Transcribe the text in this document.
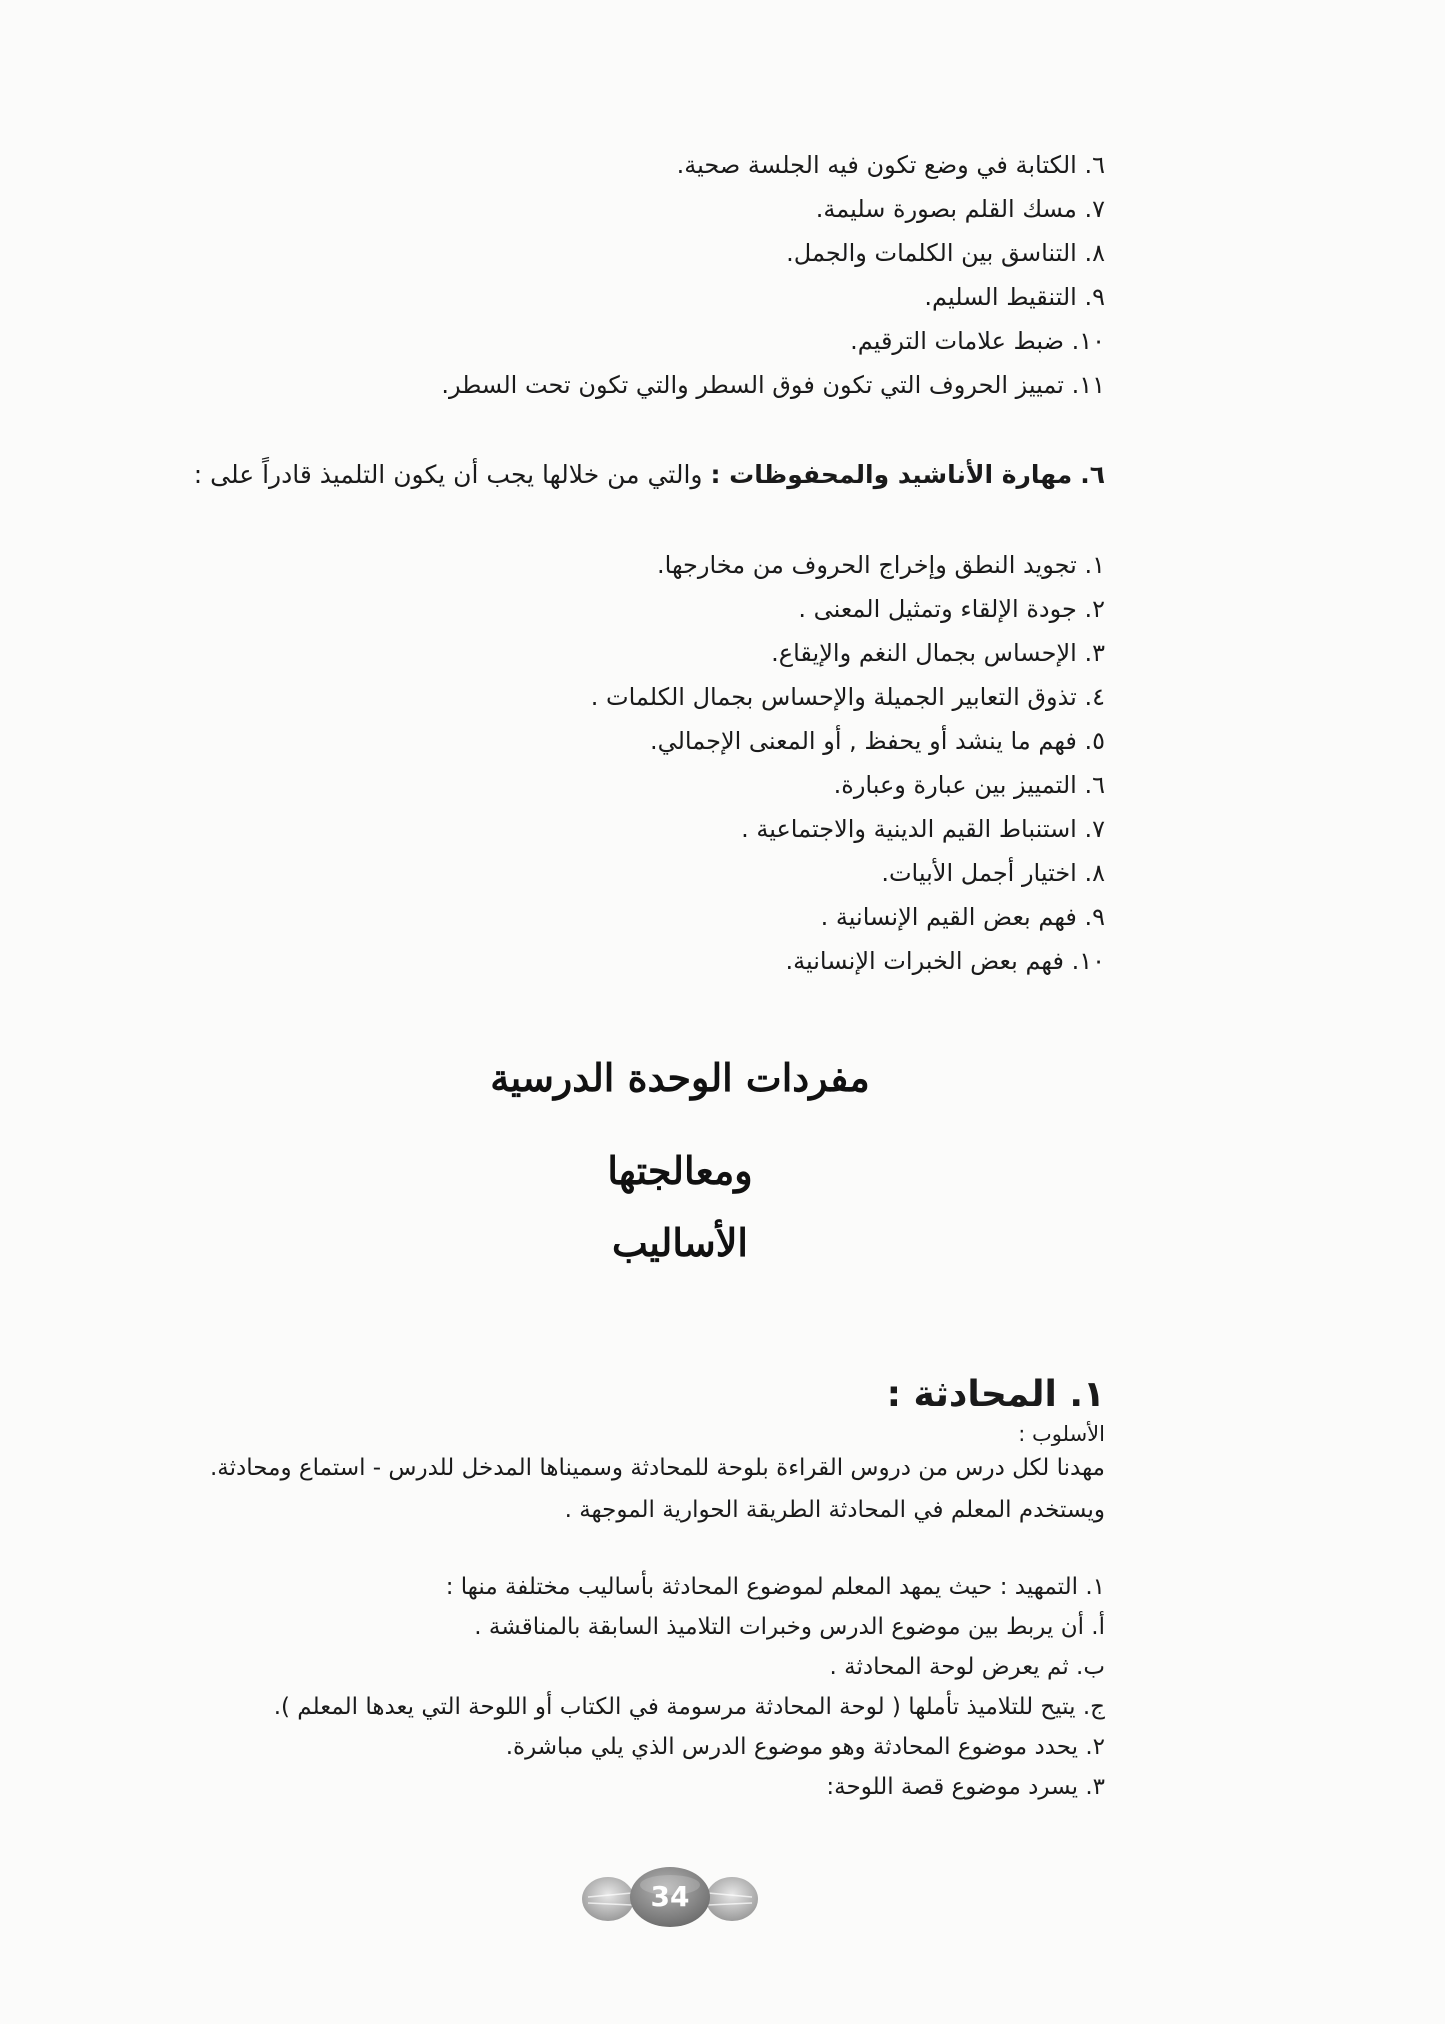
٦. الكتابة في وضع تكون فيه الجلسة صحية.
٧. مسك القلم بصورة سليمة.
٨. التناسق بين الكلمات والجمل.
٩. التنقيط السليم.
١٠. ضبط علامات الترقيم.
١١. تمييز الحروف التي تكون فوق السطر والتي تكون تحت السطر.
٦. مهارة الأناشيد والمحفوظات : والتي من خلالها يجب أن يكون التلميذ قادراً على :
١. تجويد النطق وإخراج الحروف من مخارجها.
٢. جودة الإلقاء وتمثيل المعنى .
٣. الإحساس بجمال النغم والإيقاع.
٤. تذوق التعابير الجميلة والإحساس بجمال الكلمات .
٥. فهم ما ينشد أو يحفظ , أو المعنى الإجمالي.
٦. التمييز بين عبارة وعبارة.
٧. استنباط القيم الدينية والاجتماعية .
٨. اختيار أجمل الأبيات.
٩. فهم بعض القيم الإنسانية .
١٠. فهم بعض الخبرات الإنسانية.
مفردات الوحدة الدرسية
ومعالجتها
الأساليب
١. المحادثة :
الأسلوب :
مهدنا لكل درس من دروس القراءة بلوحة للمحادثة وسميناها المدخل للدرس - استماع ومحادثة.
ويستخدم المعلم في المحادثة الطريقة الحوارية الموجهة .
١. التمهيد : حيث يمهد المعلم لموضوع المحادثة بأساليب مختلفة منها :
أ. أن يربط بين موضوع الدرس وخبرات التلاميذ السابقة بالمناقشة .
ب. ثم يعرض لوحة المحادثة .
ج. يتيح للتلاميذ تأملها ( لوحة المحادثة مرسومة في الكتاب أو اللوحة التي يعدها المعلم ).
٢. يحدد موضوع المحادثة وهو موضوع الدرس الذي يلي مباشرة.
٣. يسرد موضوع قصة اللوحة:
34
